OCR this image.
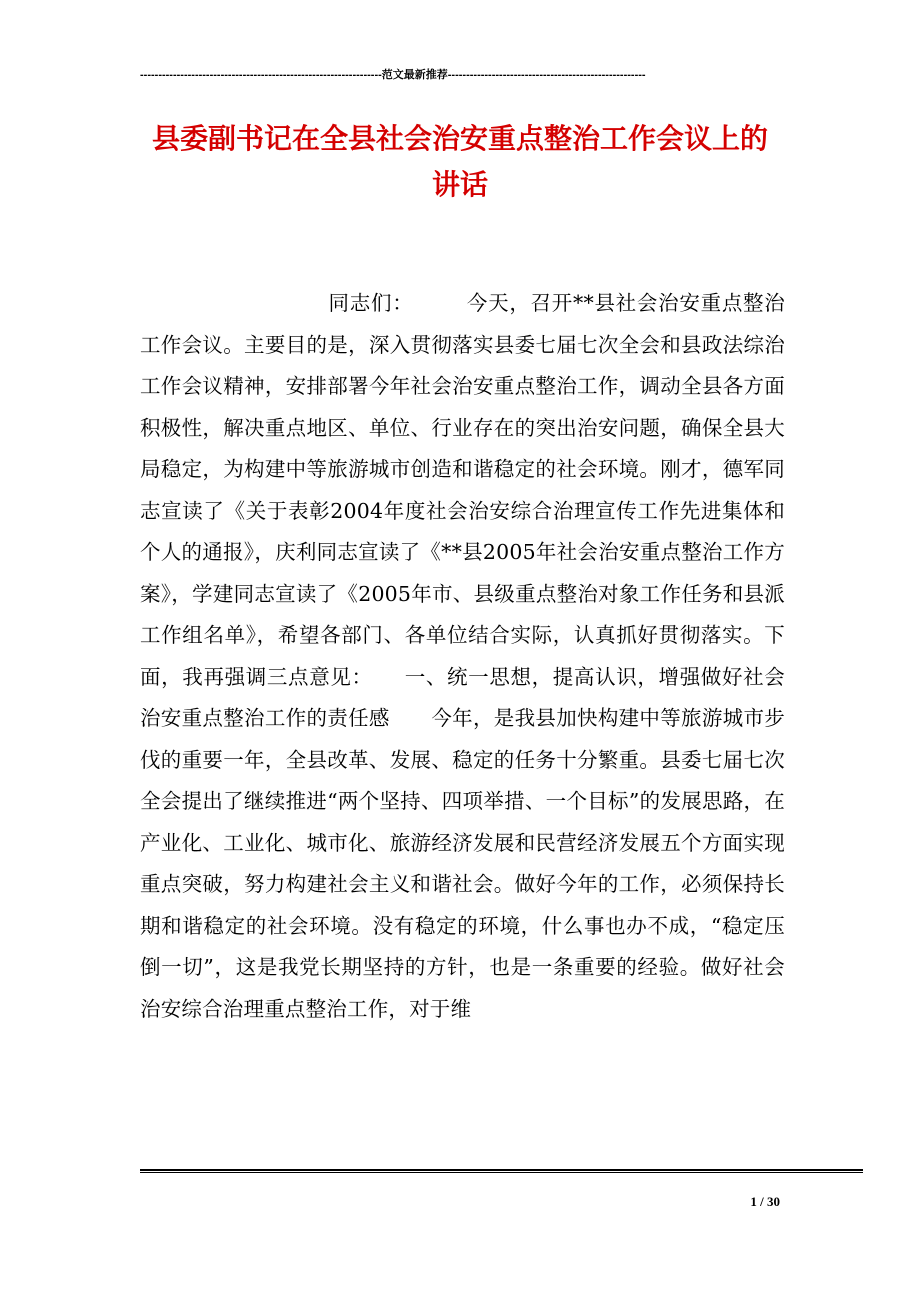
------------------------------------------------------------------范文最新推荐------------------------------------------------------
县委副书记在全县社会治安重点整治工作会议上的
讲话
同志们：　　　今天，召开**县社会治安重点整治工作会议。主要目的是，深入贯彻落实县委七届七次全会和县政法综治工作会议精神，安排部署今年社会治安重点整治工作，调动全县各方面积极性，解决重点地区、单位、行业存在的突出治安问题，确保全县大局稳定，为构建中等旅游城市创造和谐稳定的社会环境。刚才，德军同志宣读了《关于表彰2004年度社会治安综合治理宣传工作先进集体和个人的通报》，庆利同志宣读了《**县2005年社会治安重点整治工作方案》，学建同志宣读了《2005年市、县级重点整治对象工作任务和县派工作组名单》，希望各部门、各单位结合实际，认真抓好贯彻落实。下面，我再强调三点意见：　　一、统一思想，提高认识，增强做好社会治安重点整治工作的责任感　　今年，是我县加快构建中等旅游城市步伐的重要一年，全县改革、发展、稳定的任务十分繁重。县委七届七次全会提出了继续推进“两个坚持、四项举措、一个目标”的发展思路，在产业化、工业化、城市化、旅游经济发展和民营经济发展五个方面实现重点突破，努力构建社会主义和谐社会。做好今年的工作，必须保持长期和谐稳定的社会环境。没有稳定的环境，什么事也办不成，“稳定压倒一切”，这是我党长期坚持的方针，也是一条重要的经验。做好社会治安综合治理重点整治工作，对于维
1 / 30
